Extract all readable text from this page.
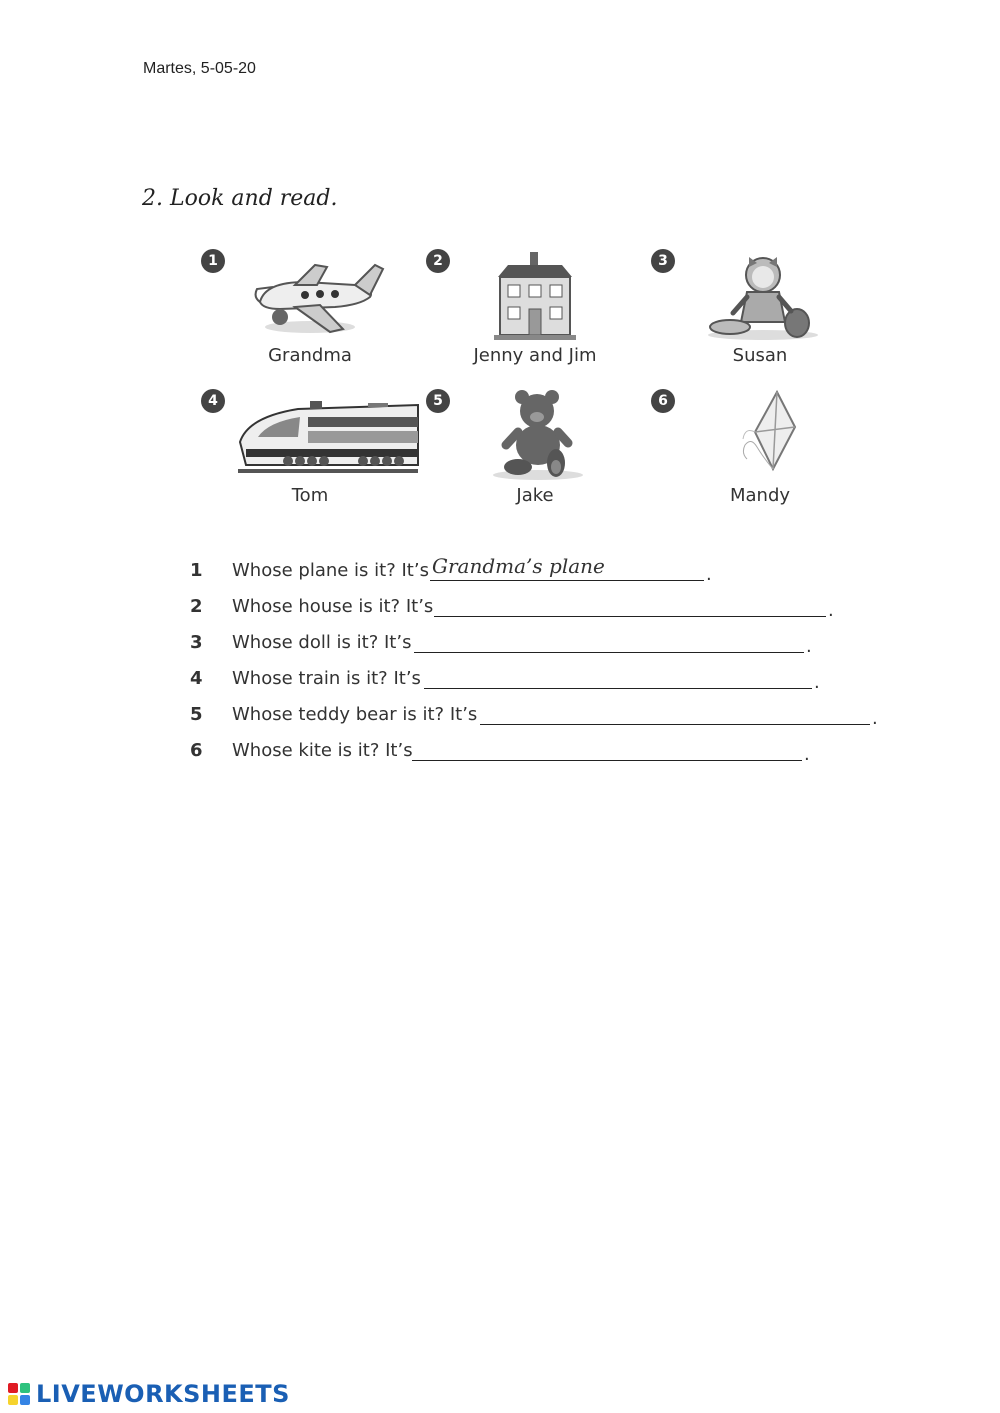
Martes, 5-05-20
2. Look and read.
1
Grandma
2
Jenny and Jim
3
Susan
4
Tom
5
Jake
6
Mandy
1	Whose plane is it? It’s Grandma’s plane	.
2	Whose house is it? It’s	.
3	Whose doll is it? It’s	.
4	Whose train is it? It’s	.
5	Whose teddy bear is it? It’s	.
6	Whose kite is it? It’s	.
LIVEWORKSHEETS
